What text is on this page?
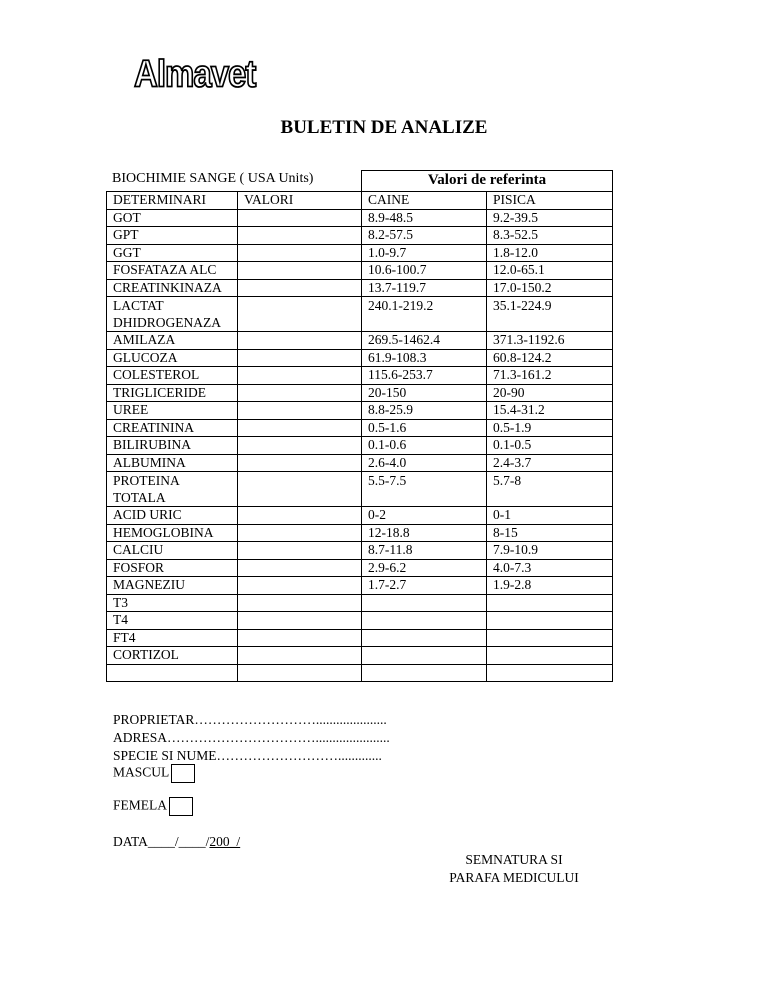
Almavet
BULETIN DE ANALIZE
BIOCHIMIE SANGE ( USA Units)
		Valori de referinta	
DETERMINARI	VALORI	CAINE	PISICA
GOT		8.9-48.5	9.2-39.5
GPT		8.2-57.5	8.3-52.5
GGT		1.0-9.7	1.8-12.0
FOSFATAZA ALC		10.6-100.7	12.0-65.1
CREATINKINAZA		13.7-119.7	17.0-150.2
LACTAT DHIDROGENAZA		240.1-219.2	35.1-224.9
AMILAZA		269.5-1462.4	371.3-1192.6
GLUCOZA		61.9-108.3	60.8-124.2
COLESTEROL		115.6-253.7	71.3-161.2
TRIGLICERIDE		20-150	20-90
UREE		8.8-25.9	15.4-31.2
CREATININA		0.5-1.6	0.5-1.9
BILIRUBINA		0.1-0.6	0.1-0.5
ALBUMINA		2.6-4.0	2.4-3.7
PROTEINA TOTALA		5.5-7.5	5.7-8
ACID URIC		0-2	0-1
HEMOGLOBINA		12-18.8	8-15
CALCIU		8.7-11.8	7.9-10.9
FOSFOR		2.9-6.2	4.0-7.3
MAGNEZIU		1.7-2.7	1.9-2.8
T3			
T4			
FT4			
CORTIZOL			

PROPRIETAR……………………….....................
ADRESA……………………………......................
SPECIE SI NUME……………………….............
MASCUL
FEMELA
DATA____/____/200_/
SEMNATURA SI
PARAFA MEDICULUI
